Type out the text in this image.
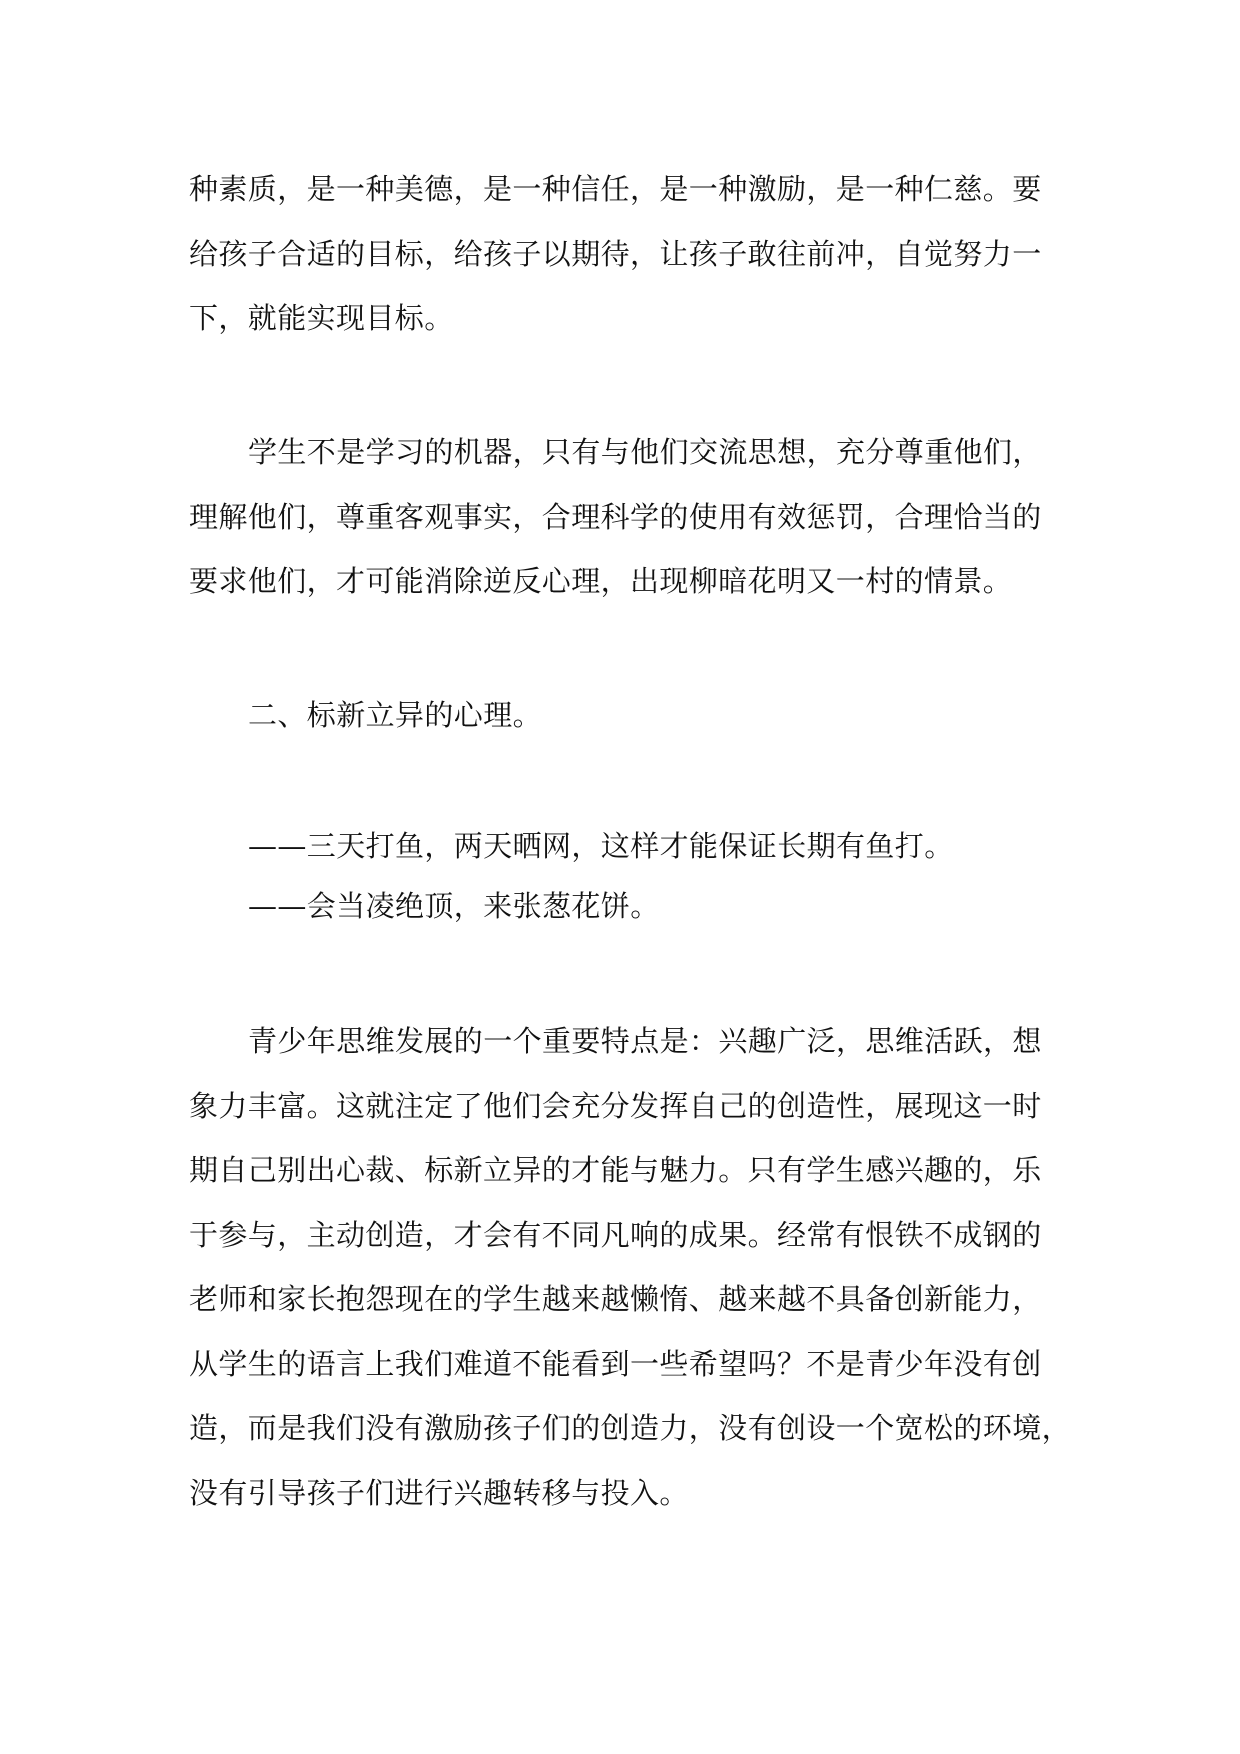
种素质，是一种美德，是一种信任，是一种激励，是一种仁慈。要
给孩子合适的目标，给孩子以期待，让孩子敢往前冲，自觉努力一
下，就能实现目标。
学生不是学习的机器，只有与他们交流思想，充分尊重他们，
理解他们，尊重客观事实，合理科学的使用有效惩罚，合理恰当的
要求他们，才可能消除逆反心理，出现柳暗花明又一村的情景。
二、标新立异的心理。
——三天打鱼，两天晒网，这样才能保证长期有鱼打。
——会当凌绝顶，来张葱花饼。
青少年思维发展的一个重要特点是：兴趣广泛，思维活跃，想
象力丰富。这就注定了他们会充分发挥自己的创造性，展现这一时
期自己别出心裁、标新立异的才能与魅力。只有学生感兴趣的，乐
于参与，主动创造，才会有不同凡响的成果。经常有恨铁不成钢的
老师和家长抱怨现在的学生越来越懒惰、越来越不具备创新能力，
从学生的语言上我们难道不能看到一些希望吗？不是青少年没有创
造，而是我们没有激励孩子们的创造力，没有创设一个宽松的环境，
没有引导孩子们进行兴趣转移与投入。
